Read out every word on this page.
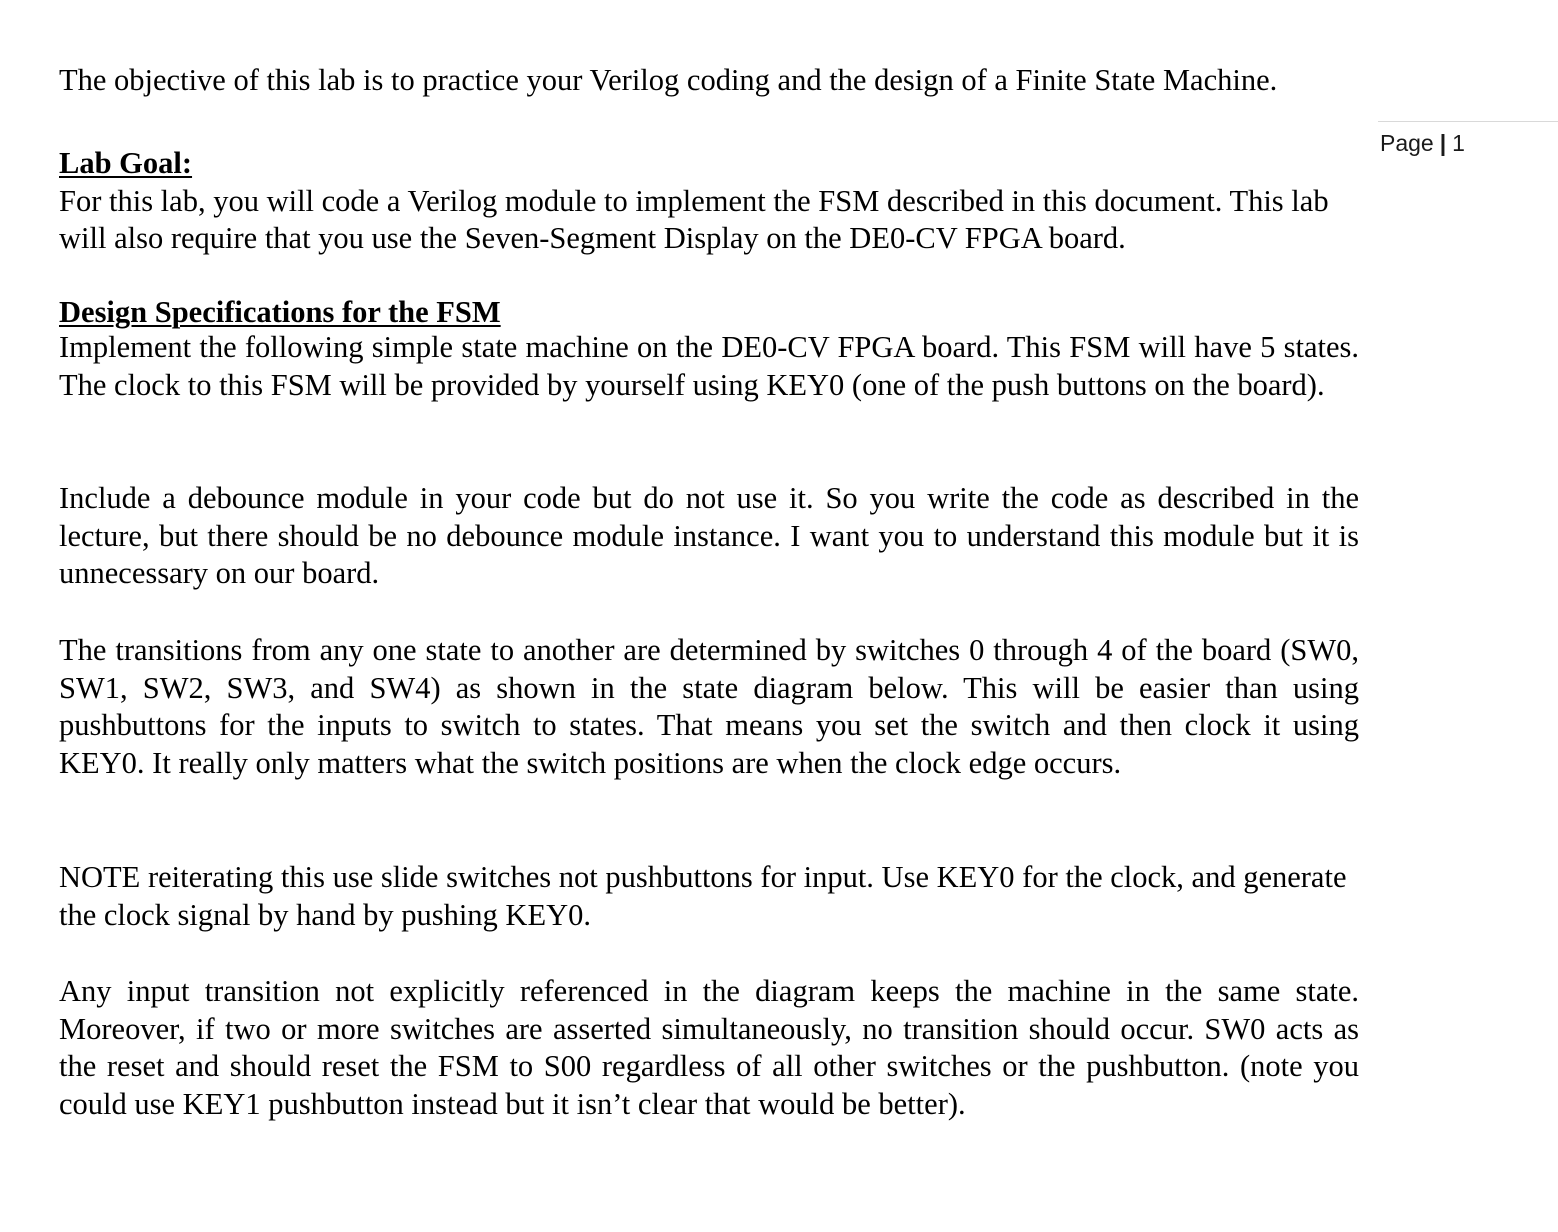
The objective of this lab is to practice your Verilog coding and the design of a Finite State Machine.
Page | 1
Lab Goal:
For this lab, you will code a Verilog module to implement the FSM described in this document. This lab will also require that you use the Seven-Segment Display on the DE0-CV FPGA board.
Design Specifications for the FSM
Implement the following simple state machine on the DE0-CV FPGA board. This FSM will have 5 states. The clock to this FSM will be provided by yourself using KEY0 (one of the push buttons on the board).
Include a debounce module in your code but do not use it. So you write the code as described in the lecture, but there should be no debounce module instance. I want you to understand this module but it is unnecessary on our board.
The transitions from any one state to another are determined by switches 0 through 4 of the board (SW0, SW1, SW2, SW3, and SW4) as shown in the state diagram below. This will be easier than using pushbuttons for the inputs to switch to states. That means you set the switch and then clock it using KEY0. It really only matters what the switch positions are when the clock edge occurs.
NOTE reiterating this use slide switches not pushbuttons for input. Use KEY0 for the clock, and generate the clock signal by hand by pushing KEY0.
Any input transition not explicitly referenced in the diagram keeps the machine in the same state. Moreover, if two or more switches are asserted simultaneously, no transition should occur. SW0 acts as the reset and should reset the FSM to S00 regardless of all other switches or the pushbutton. (note you could use KEY1 pushbutton instead but it isn’t clear that would be better).
